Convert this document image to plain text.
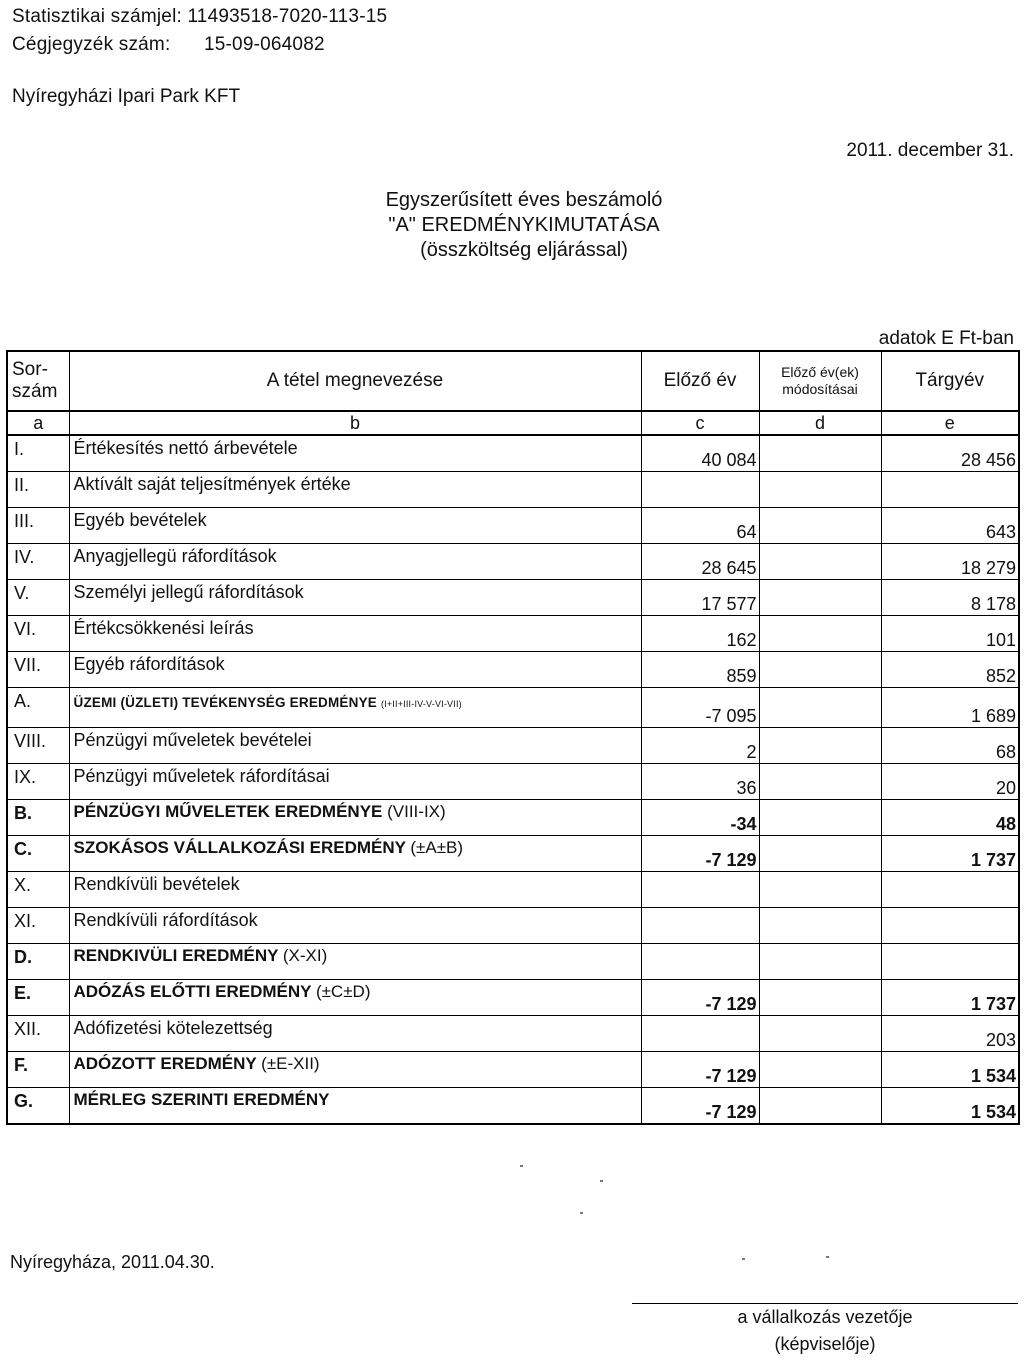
Statisztikai számjel: 11493518-7020-113-15
Cégjegyzék szám: 15-09-064082
Nyíregyházi Ipari Park KFT
2011. december 31.
Egyszerűsített éves beszámoló
"A" EREDMÉNYKIMUTATÁSA
(összköltség eljárással)
adatok E Ft-ban
Sor-
szám	A tétel megnevezése	Előző év	Előző év(ek)
módosításai	Tárgyév
a	b	c	d	e
I.	Értékesítés nettó árbevétele	40 084		28 456
II.	Aktívált saját teljesítmények értéke			
III.	Egyéb bevételek	64		643
IV.	Anyagjellegü ráfordítások	28 645		18 279
V.	Személyi jellegű ráfordítások	17 577		8 178
VI.	Értékcsökkenési leírás	162		101
VII.	Egyéb ráfordítások	859		852
A.	ÜZEMI (ÜZLETI) TEVÉKENYSÉG EREDMÉNYE (I+II+III-IV-V-VI-VII)	-7 095		1 689
VIII.	Pénzügyi műveletek bevételei	2		68
IX.	Pénzügyi műveletek ráfordításai	36		20
B.	PÉNZÜGYI MŰVELETEK EREDMÉNYE (VIII-IX)	-34		48
C.	SZOKÁSOS VÁLLALKOZÁSI EREDMÉNY (±A±B)	-7 129		1 737
X.	Rendkívüli bevételek			
XI.	Rendkívüli ráfordítások			
D.	RENDKIVÜLI EREDMÉNY (X-XI)			
E.	ADÓZÁS ELŐTTI EREDMÉNY (±C±D)	-7 129		1 737
XII.	Adófizetési kötelezettség			203
F.	ADÓZOTT EREDMÉNY (±E-XII)	-7 129		1 534
G.	MÉRLEG SZERINTI EREDMÉNY	-7 129		1 534
Nyíregyháza, 2011.04.30.
a vállalkozás vezetője
(képviselője)
